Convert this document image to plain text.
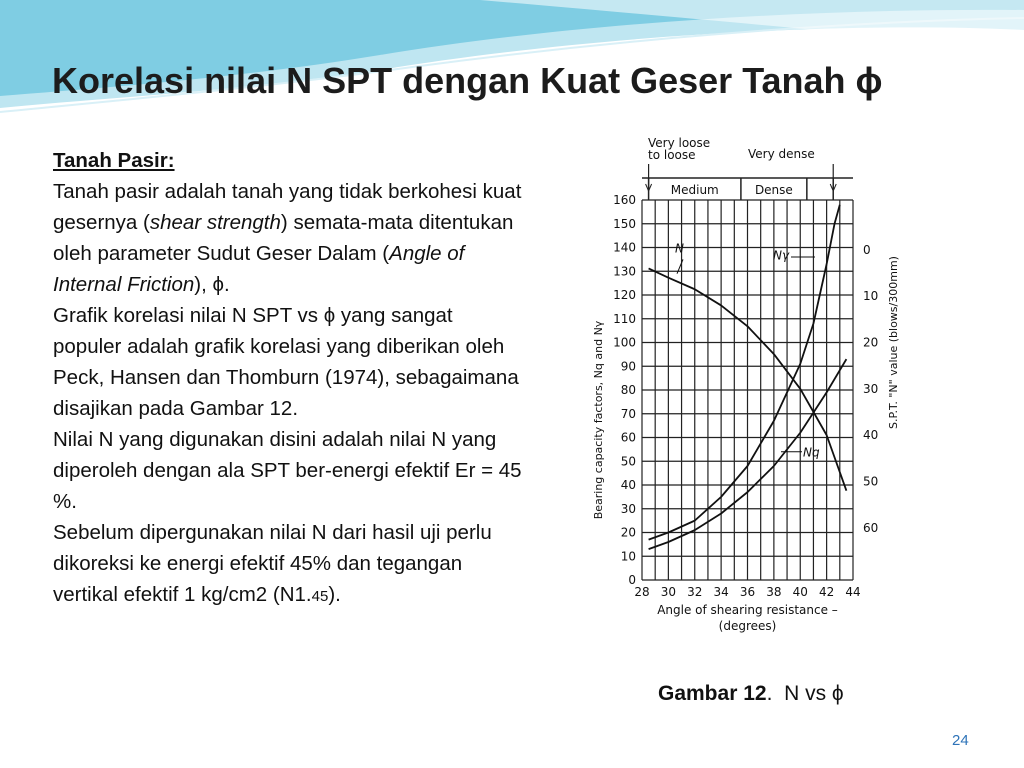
Korelasi nilai N SPT dengan Kuat Geser Tanah ϕ
Tanah Pasir:

Tanah pasir adalah tanah yang tidak berkohesi kuat gesernya (shear strength) semata-mata ditentukan oleh parameter Sudut Geser Dalam (Angle of Internal Friction), ϕ.

Grafik korelasi nilai N SPT vs ϕ yang sangat populer adalah grafik korelasi yang diberikan oleh Peck, Hansen dan Thomburn (1974), sebagaimana disajikan pada Gambar 12.

Nilai N yang digunakan disini adalah nilai N yang diperoleh dengan ala SPT ber-energi efektif Er = 45 %.

Sebelum dipergunakan nilai N dari hasil uji perlu dikoreksi ke energi efektif 45% dan tegangan vertikal efektif 1 kg/cm2 (N1.45).

Medium	Dense
Very loose
to loose	Very dense
0
10
20
30
40
50
60
70
80
90
100
110
120
130
140
150
160
Bearing capacity factors, Nq and Nγ
0
10
20
30
40
50
60
S.P.T. "N" value (blows/300mm)
28 30 32 34 36 38 40 42 44
Angle of shearing resistance –
(degrees)
N
Nγ
Nq
Gambar 12. N vs ϕ
24
